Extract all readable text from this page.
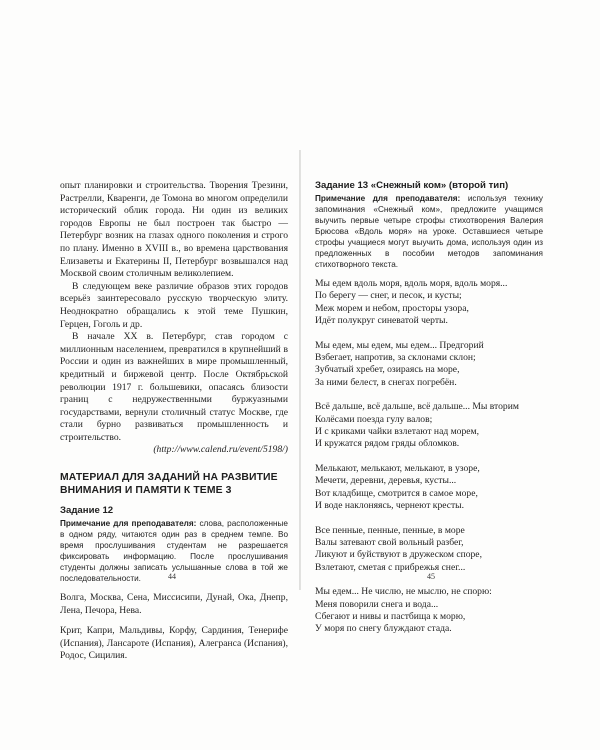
опыт планировки и строительства. Творения Трезини, Растрелли, Кваренги, де Томона во многом определили исторический облик города. Ни один из великих городов Европы не был построен так быстро — Петербург возник на глазах одного поколения и строго по плану. Именно в XVIII в., во времена царствования Елизаветы и Екатерины II, Петербург возвышался над Москвой своим столичным великолепием.

В следующем веке различие образов этих городов всерьёз заинтересовало русскую творческую элиту. Неоднократно обращались к этой теме Пушкин, Герцен, Гоголь и др.

В начале XX в. Петербург, став городом с миллионным населением, превратился в крупнейший в России и один из важнейших в мире промышленный, кредитный и биржевой центр. После Октябрьской революции 1917 г. большевики, опасаясь близости границ с недружественными буржуазными государствами, вернули столичный статус Москве, где стали бурно развиваться промышленность и строительство.

(http://www.calend.ru/event/5198/)

МАТЕРИАЛ ДЛЯ ЗАДАНИЙ НА РАЗВИТИЕ ВНИМАНИЯ И ПАМЯТИ К ТЕМЕ 3
Задание 12

Примечание для преподавателя: слова, расположенные в одном ряду, читаются один раз в среднем темпе. Во время прослушивания студентам не разрешается фиксировать информацию. После прослушивания студенты должны записать услышанные слова в той же последовательности.

Волга, Москва, Сена, Миссисипи, Дунай, Ока, Днепр, Лена, Печора, Нева.

Крит, Капри, Мальдивы, Корфу, Сардиния, Тенерифе (Испания), Лансароте (Испания), Алегранса (Испания), Родос, Сицилия.

44
Задание 13 «Снежный ком» (второй тип)

Примечание для преподавателя: используя технику запоминания «Снежный ком», предложите учащимся выучить первые четыре строфы стихотворения Валерия Брюсова «Вдоль моря» на уроке. Оставшиеся четыре строфы учащиеся могут выучить дома, используя один из предложенных в пособии методов запоминания стихотворного текста.

Мы едем вдоль моря, вдоль моря, вдоль моря...
По берегу — снег, и песок, и кусты;
Меж морем и небом, просторы узора,
Идёт полукруг синеватой черты.
Мы едем, мы едем, мы едем... Предгорий
Взбегает, напротив, за склонами склон;
Зубчатый хребет, озираясь на море,
За ними белест, в снегах погребён.
Всё дальше, всё дальше, всё дальше... Мы вторим
Колёсами поезда гулу валов;
И с криками чайки взлетают над морем,
И кружатся рядом гряды обломков.
Мелькают, мелькают, мелькают, в узоре,
Мечети, деревни, деревья, кусты...
Вот кладбище, смотрится в самое море,
И воде наклоняясь, чернеют кресты.
Все пенные, пенные, пенные, в море
Валы затевают свой вольный разбег,
Ликуют и буйствуют в дружеском споре,
Взлетают, сметая с прибрежья снег...
Мы едем... Не числю, не мыслю, не спорю:
Меня поворили снега и вода...
Сбегают и нивы и пастбища к морю,
У моря по снегу блуждают стада.
45
